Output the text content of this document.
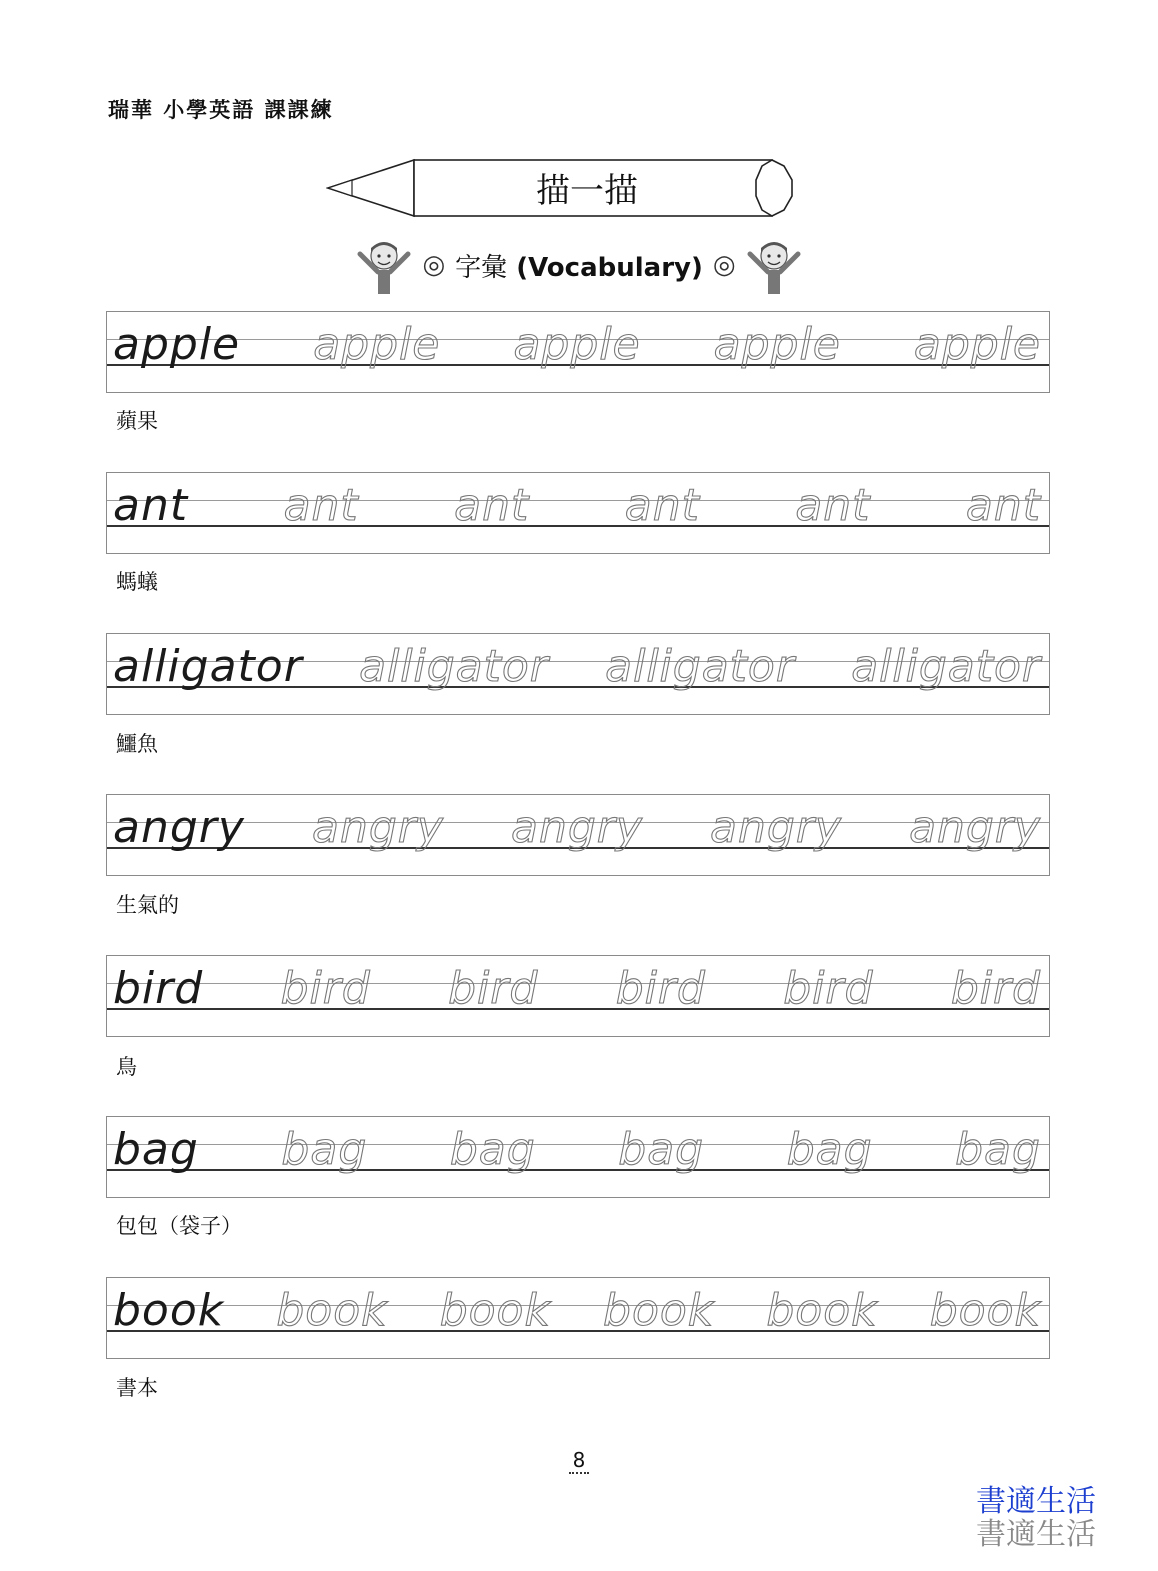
瑞華 小學英語 課課練
描一描
◎ 字彙 (Vocabulary) ◎
apple apple apple apple apple
蘋果
ant ant ant ant ant ant
螞蟻
alligator alligator alligator alligator
鱷魚
angry angry angry angry angry
生氣的
bird bird bird bird bird bird
鳥
bag bag bag bag bag bag
包包（袋子）
book book book book book book
書本
8
書適生活
書適生活
